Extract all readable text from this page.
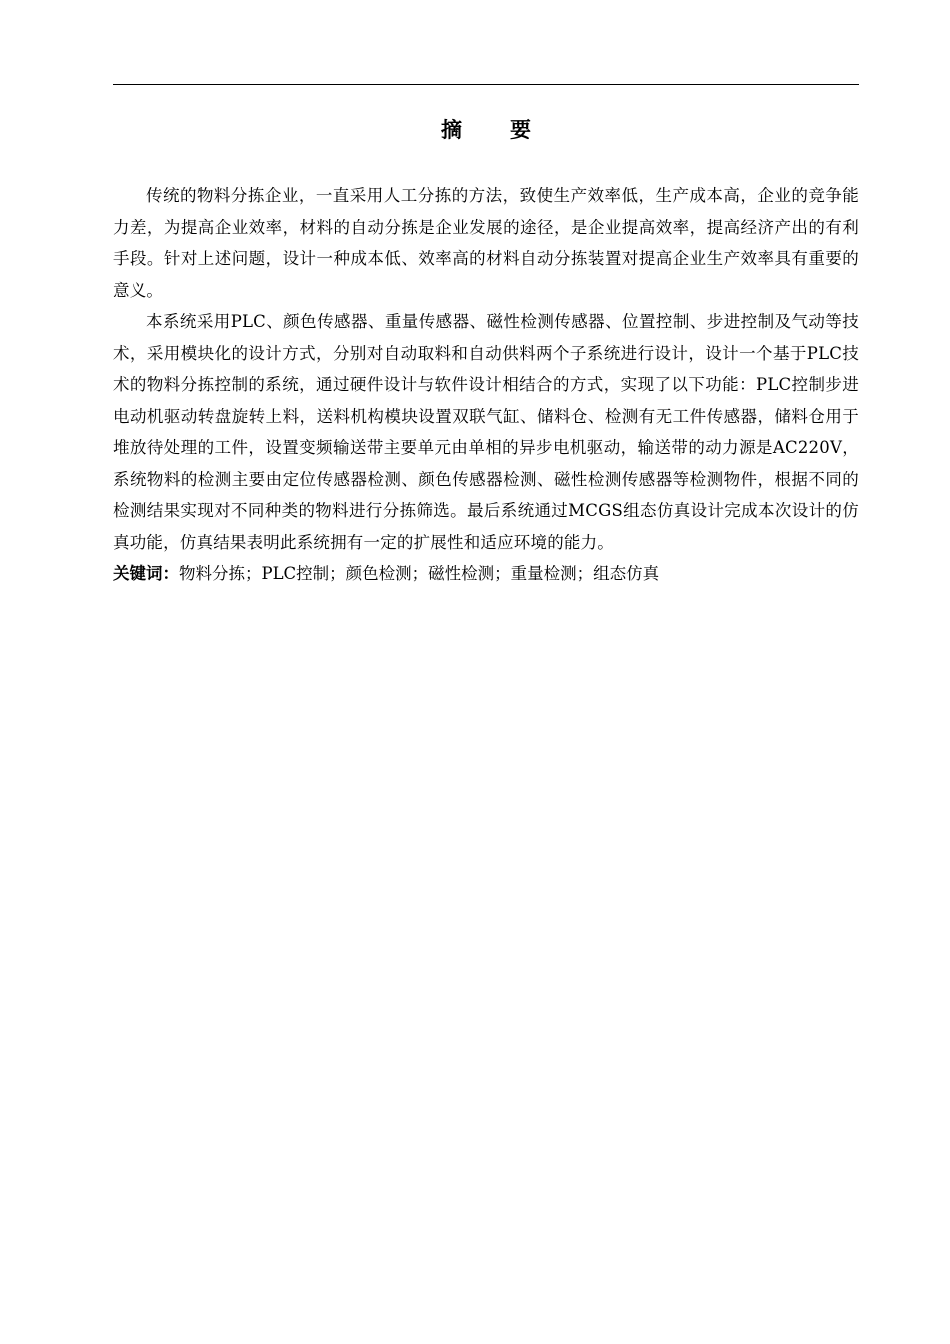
摘 要

传统的物料分拣企业，一直采用人工分拣的方法，致使生产效率低，生产成本高，企业的竞争能力差，为提高企业效率，材料的自动分拣是企业发展的途径，是企业提高效率，提高经济产出的有利手段。针对上述问题，设计一种成本低、效率高的材料自动分拣装置对提高企业生产效率具有重要的意义。

本系统采用PLC、颜色传感器、重量传感器、磁性检测传感器、位置控制、步进控制及气动等技术，采用模块化的设计方式，分别对自动取料和自动供料两个子系统进行设计，设计一个基于PLC技术的物料分拣控制的系统，通过硬件设计与软件设计相结合的方式，实现了以下功能：PLC控制步进电动机驱动转盘旋转上料，送料机构模块设置双联气缸、储料仓、检测有无工件传感器，储料仓用于堆放待处理的工件，设置变频输送带主要单元由单相的异步电机驱动，输送带的动力源是AC220V，系统物料的检测主要由定位传感器检测、颜色传感器检测、磁性检测传感器等检测物件，根据不同的检测结果实现对不同种类的物料进行分拣筛选。最后系统通过MCGS组态仿真设计完成本次设计的仿真功能，仿真结果表明此系统拥有一定的扩展性和适应环境的能力。

关键词：物料分拣；PLC控制；颜色检测；磁性检测；重量检测；组态仿真
